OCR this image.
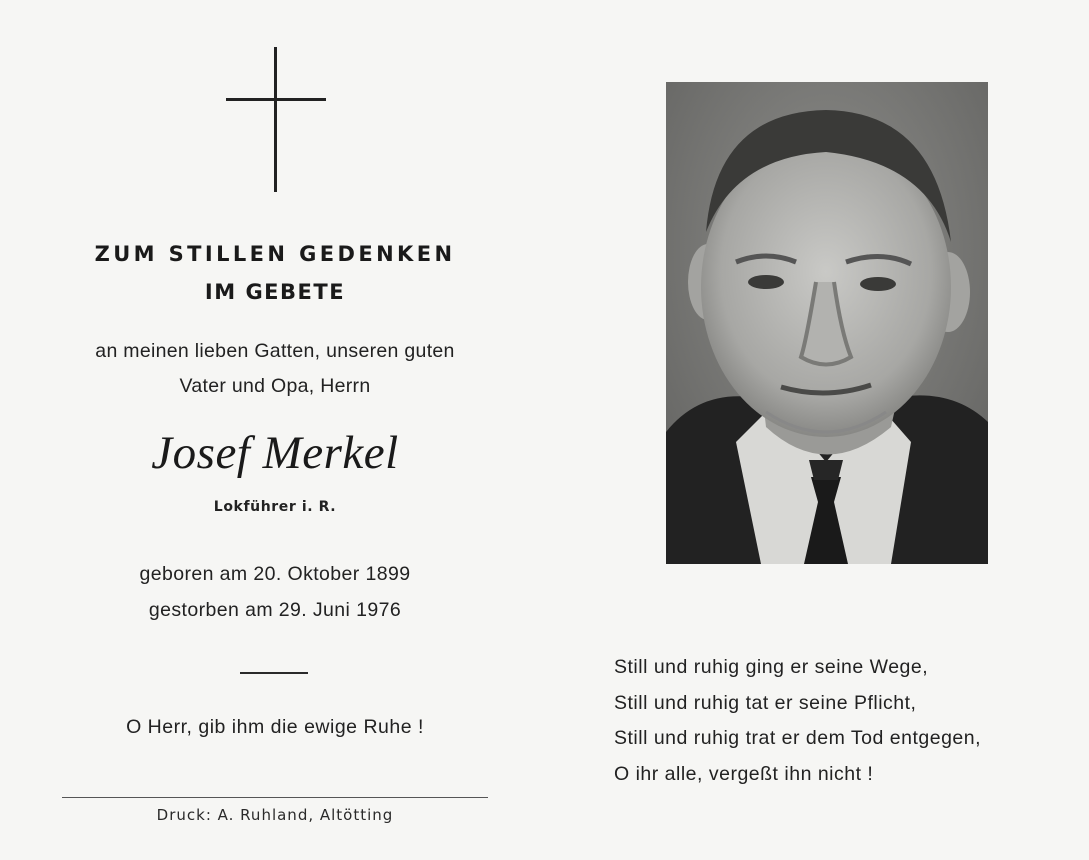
ZUM STILLEN GEDENKEN
IM GEBETE
an meinen lieben Gatten, unseren guten
Vater und Opa, Herrn
Josef Merkel
Lokführer i. R.
geboren am 20. Oktober 1899
gestorben am 29. Juni 1976
O Herr, gib ihm die ewige Ruhe !
Druck: A. Ruhland, Altötting
Still und ruhig ging er seine Wege,
Still und ruhig tat er seine Pflicht,
Still und ruhig trat er dem Tod entgegen,
O ihr alle, vergeßt ihn nicht !
